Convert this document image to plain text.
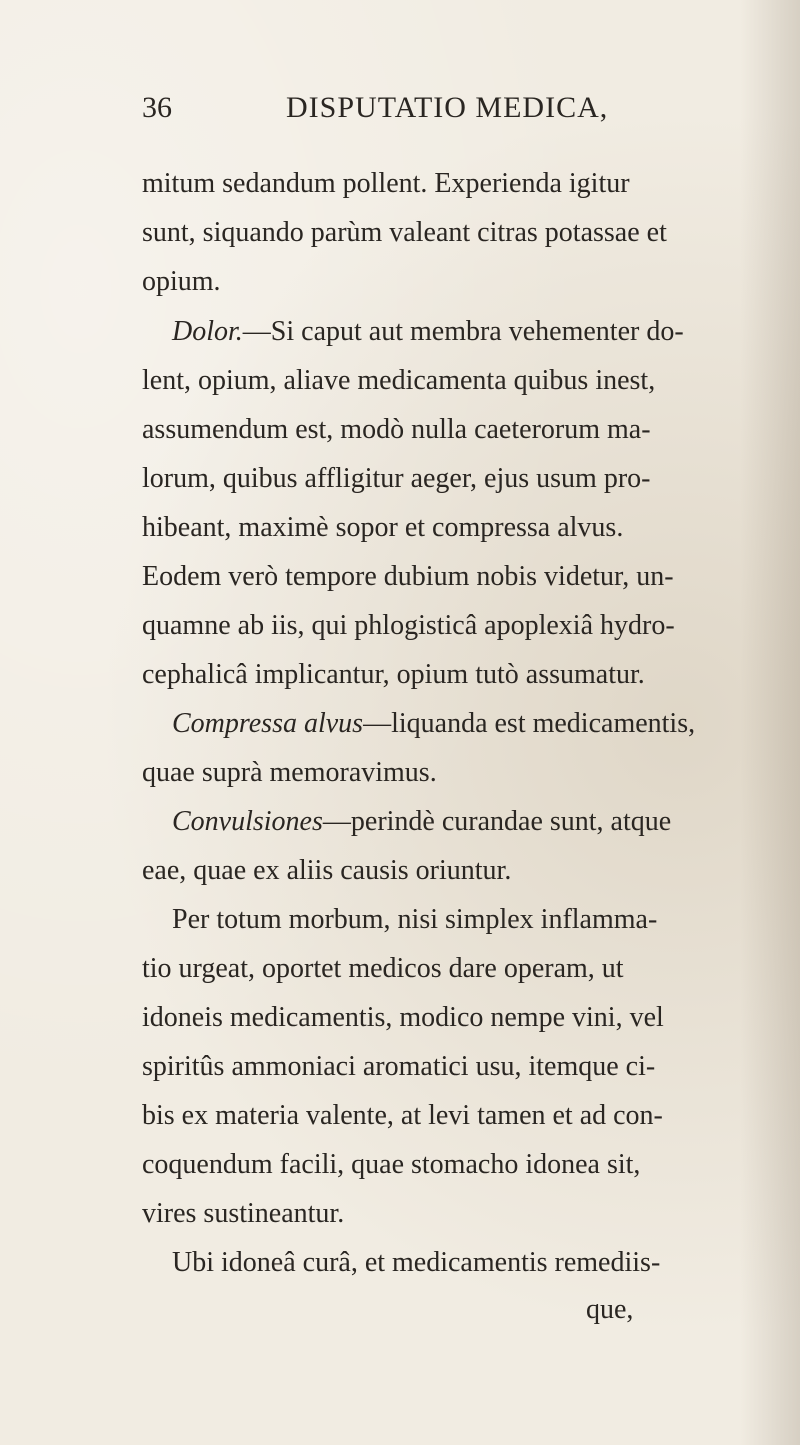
36	DISPUTATIO MEDICA,
mitum sedandum pollent. Experienda igitur
sunt, siquando parùm valeant citras potassae et
opium.
Dolor.—Si caput aut membra vehementer do-
lent, opium, aliave medicamenta quibus inest,
assumendum est, modò nulla caeterorum ma-
lorum, quibus affligitur aeger, ejus usum pro-
hibeant, maximè sopor et compressa alvus.
Eodem verò tempore dubium nobis videtur, un-
quamne ab iis, qui phlogisticâ apoplexiâ hydro-
cephalicâ implicantur, opium tutò assumatur.
Compressa alvus—liquanda est medicamentis,
quae suprà memoravimus.
Convulsiones—perindè curandae sunt, atque
eae, quae ex aliis causis oriuntur.
Per totum morbum, nisi simplex inflamma-
tio urgeat, oportet medicos dare operam, ut
idoneis medicamentis, modico nempe vini, vel
spiritûs ammoniaci aromatici usu, itemque ci-
bis ex materia valente, at levi tamen et ad con-
coquendum facili, quae stomacho idonea sit,
vires sustineantur.
Ubi idoneâ curâ, et medicamentis remediis-
que,
